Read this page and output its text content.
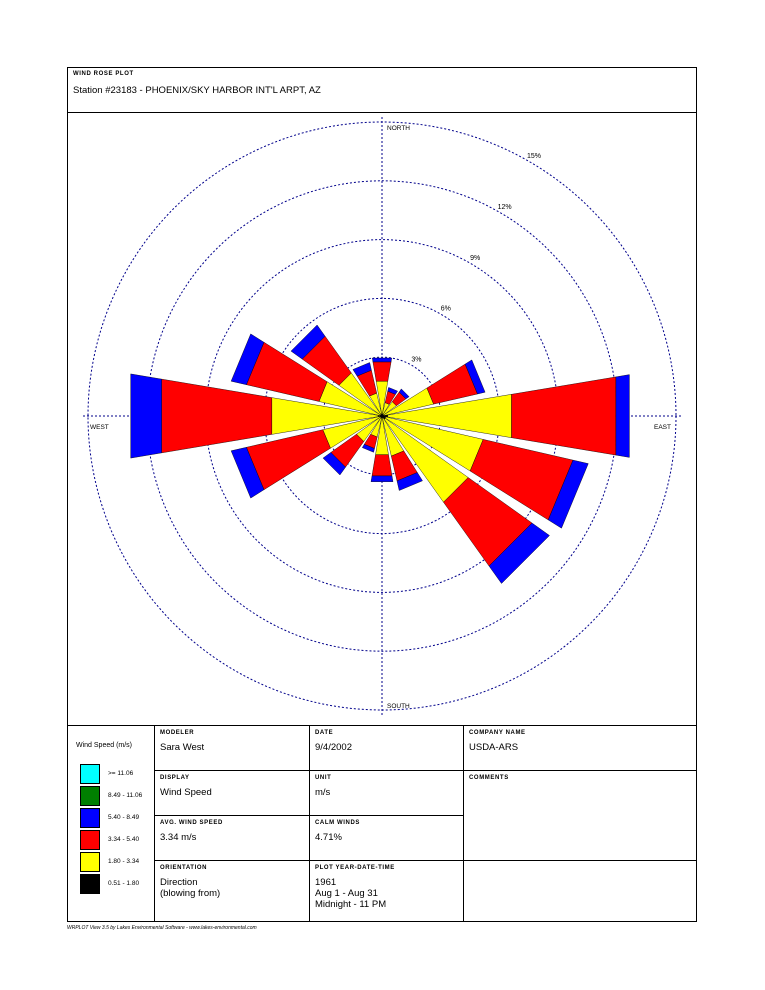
WIND ROSE PLOT
Station #23183 - PHOENIX/SKY HARBOR INT'L ARPT, AZ
3%
6%
9%
12%
15%
NORTH
SOUTH
WEST	EAST
Wind Speed (m/s)
>= 11.06
8.49 - 11.06
5.40 - 8.49
3.34 - 5.40
1.80 - 3.34
0.51 - 1.80
MODELER
Sara West
DATE
9/4/2002
COMPANY NAME
USDA-ARS
DISPLAY
Wind Speed
UNIT
m/s
COMMENTS
AVG. WIND SPEED
3.34 m/s
CALM WINDS
4.71%
ORIENTATION
Direction
(blowing from)
PLOT YEAR-DATE-TIME
1961
Aug 1 - Aug 31
Midnight - 11 PM
WRPLOT View 3.5 by Lakes Environmental Software - www.lakes-environmental.com
